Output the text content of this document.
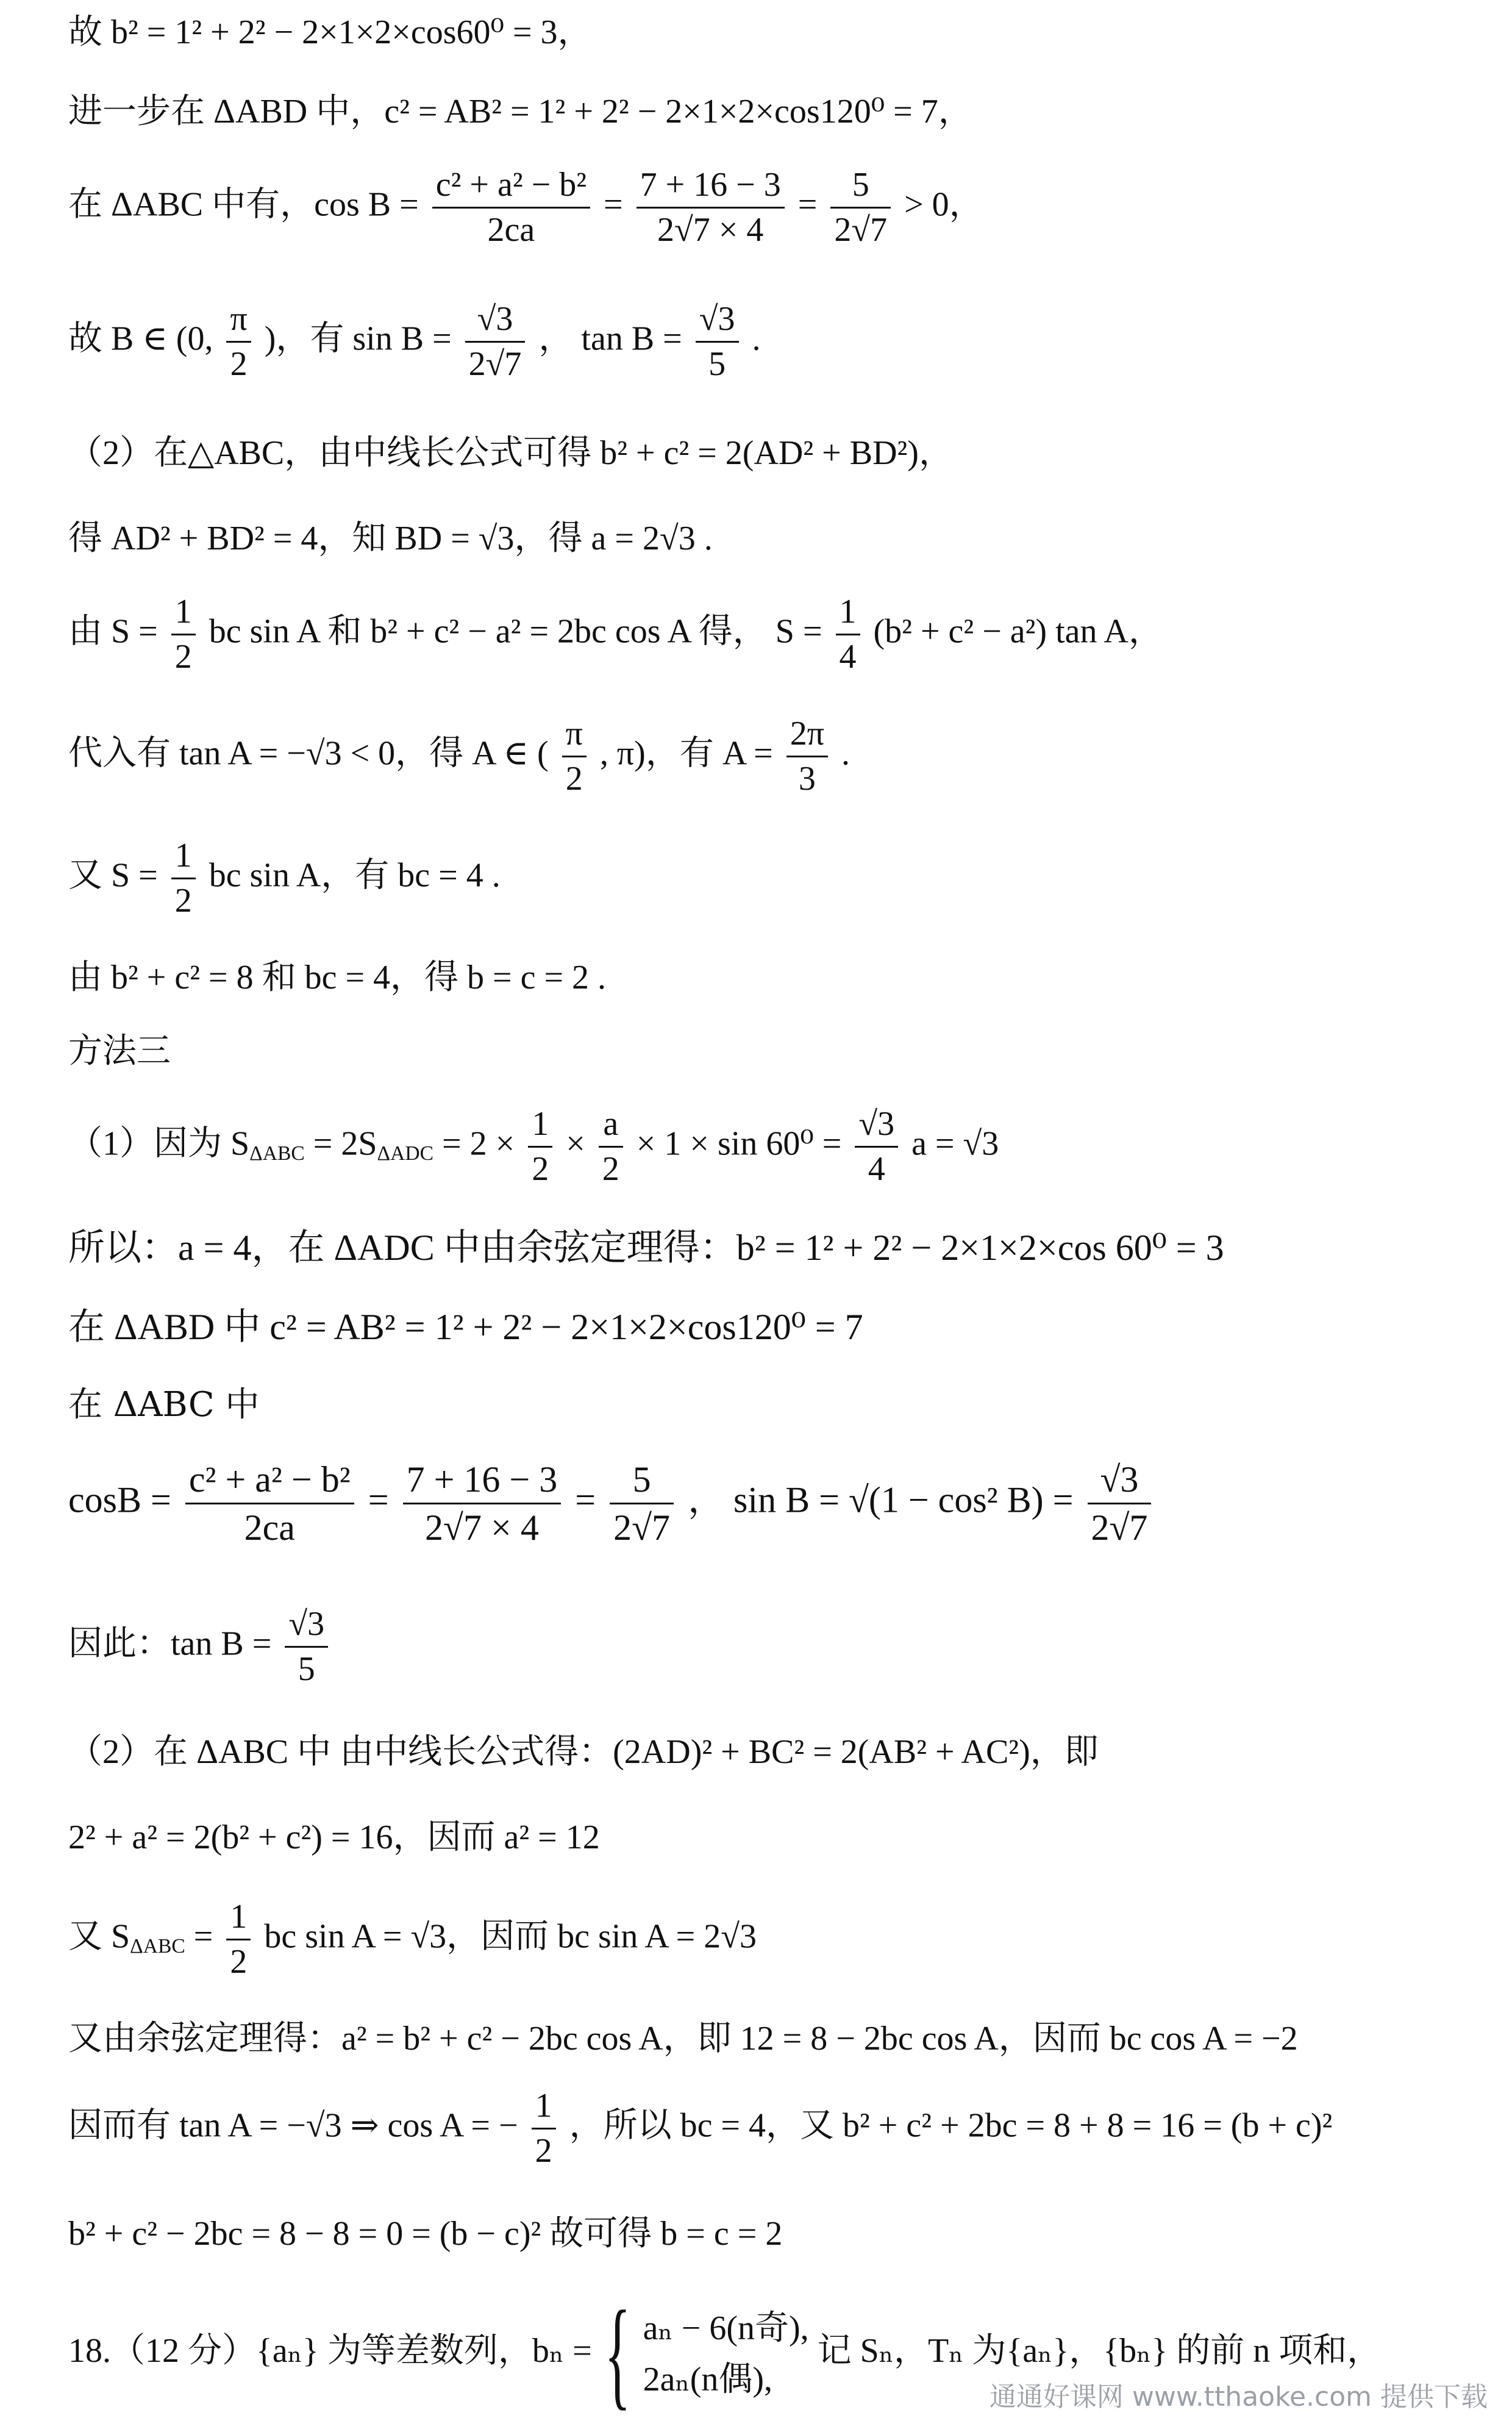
故 b² = 1² + 2² − 2×1×2×cos60⁰ = 3，
进一步在 ΔABD 中，c² = AB² = 1² + 2² − 2×1×2×cos120⁰ = 7，
在 ΔABC 中有，$\cos B = \frac{\text{c² + a² − b²}}{2ca} = \frac{7 + 16 - 3}{2√7 \times 4} = \frac{5}{2√7} > 0$，
故 B ∈ (0, $\frac{\pi}{2}$ )，有 $\sin B = \frac{√3}{2√7}$ ， $\tan B = \frac{√3}{5}$ .
（2）在△ABC，由中线长公式可得 b² + c² = 2(AD² + BD²)，
得 AD² + BD² = 4，知 BD = √3，得 a = 2√3 .
由 $S = \frac{1}{2}$ bc sin A 和 b² + c² − a² = 2bc cos A 得， $S = \frac{1}{4} (b^2 + c^2 - a^2)$ tan A，
代入有 tan A = −√3 < 0，得 A ∈ ( $\frac{\pi}{2}$ , π)，有 $A = \frac{2\pi}{3}$ .
又 $S = \frac{1}{2}$ bc sin A，有 bc = 4 .
由 b² + c² = 8 和 bc = 4，得 b = c = 2 .
方法三
（1）因为 $S_{\Delta ABC} = 2S_{\Delta ADC} = 2 \times \frac{1}{2} \times \frac{a}{2} \times 1 \times \sin 60^0 = \frac{√3}{4}$ a = √3
所以：a = 4，在 ΔADC 中由余弦定理得：b² = 1² + 2² − 2×1×2×cos 60⁰ = 3
在 ΔABD 中 c² = AB² = 1² + 2² − 2×1×2×cos120⁰ = 7
在 ΔABC 中
$\cos B = \frac{\text{c² + a² − b²}}{2ca} = \frac{7 + 16 - 3}{2√7 \times 4} = \frac{5}{2√7}$ ， sin B = √(1 − cos² $B) = \frac{√3}{2√7}$
因此：$\tan B = \frac{√3}{5}$
（2）在 ΔABC 中 由中线长公式得：(2AD)² + BC² = 2(AB² + AC²)，即
2² + a² = 2(b² + c²) = 16，因而 a² = 12
又 $S_{\Delta ABC} = \frac{1}{2}$ bc sin A = √3，因而 bc sin A = 2√3
又由余弦定理得：a² = b² + c² − 2bc cos A，即 12 = 8 − 2bc cos A，因而 bc cos A = −2
因而有 tan A = −√3 ⇒ cos A = − $\frac{1}{2}$ ，所以 bc = 4，又 b² + c² + 2bc = 8 + 8 = 16 = (b + c)²
b² + c² − 2bc = 8 − 8 = 0 = (b − c)² 故可得 b = c = 2
18.（12 分）{aₙ} 为等差数列，bₙ = { aₙ − 6(n奇),
2aₙ(n偶),
记 Sₙ，Tₙ 为{aₙ}，{bₙ} 的前 n 项和，
通通好课网 www.tthaoke.com 提供下载
